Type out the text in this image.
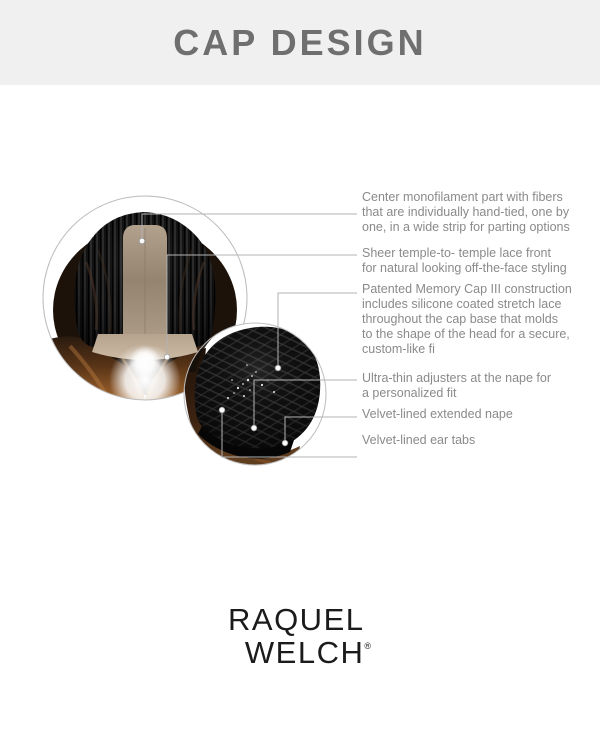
CAP DESIGN
Center monofilament part with fibers
that are individually hand-tied, one by
one, in a wide strip for parting options
Sheer temple-to- temple lace front
for natural looking off-the-face styling
Patented Memory Cap III construction
includes silicone coated stretch lace
throughout the cap base that molds
to the shape of the head for a secure,
custom-like fi
Ultra-thin adjusters at the nape for
a personalized fit
Velvet-lined extended nape
Velvet-lined ear tabs
RAQUEL
WELCH®
